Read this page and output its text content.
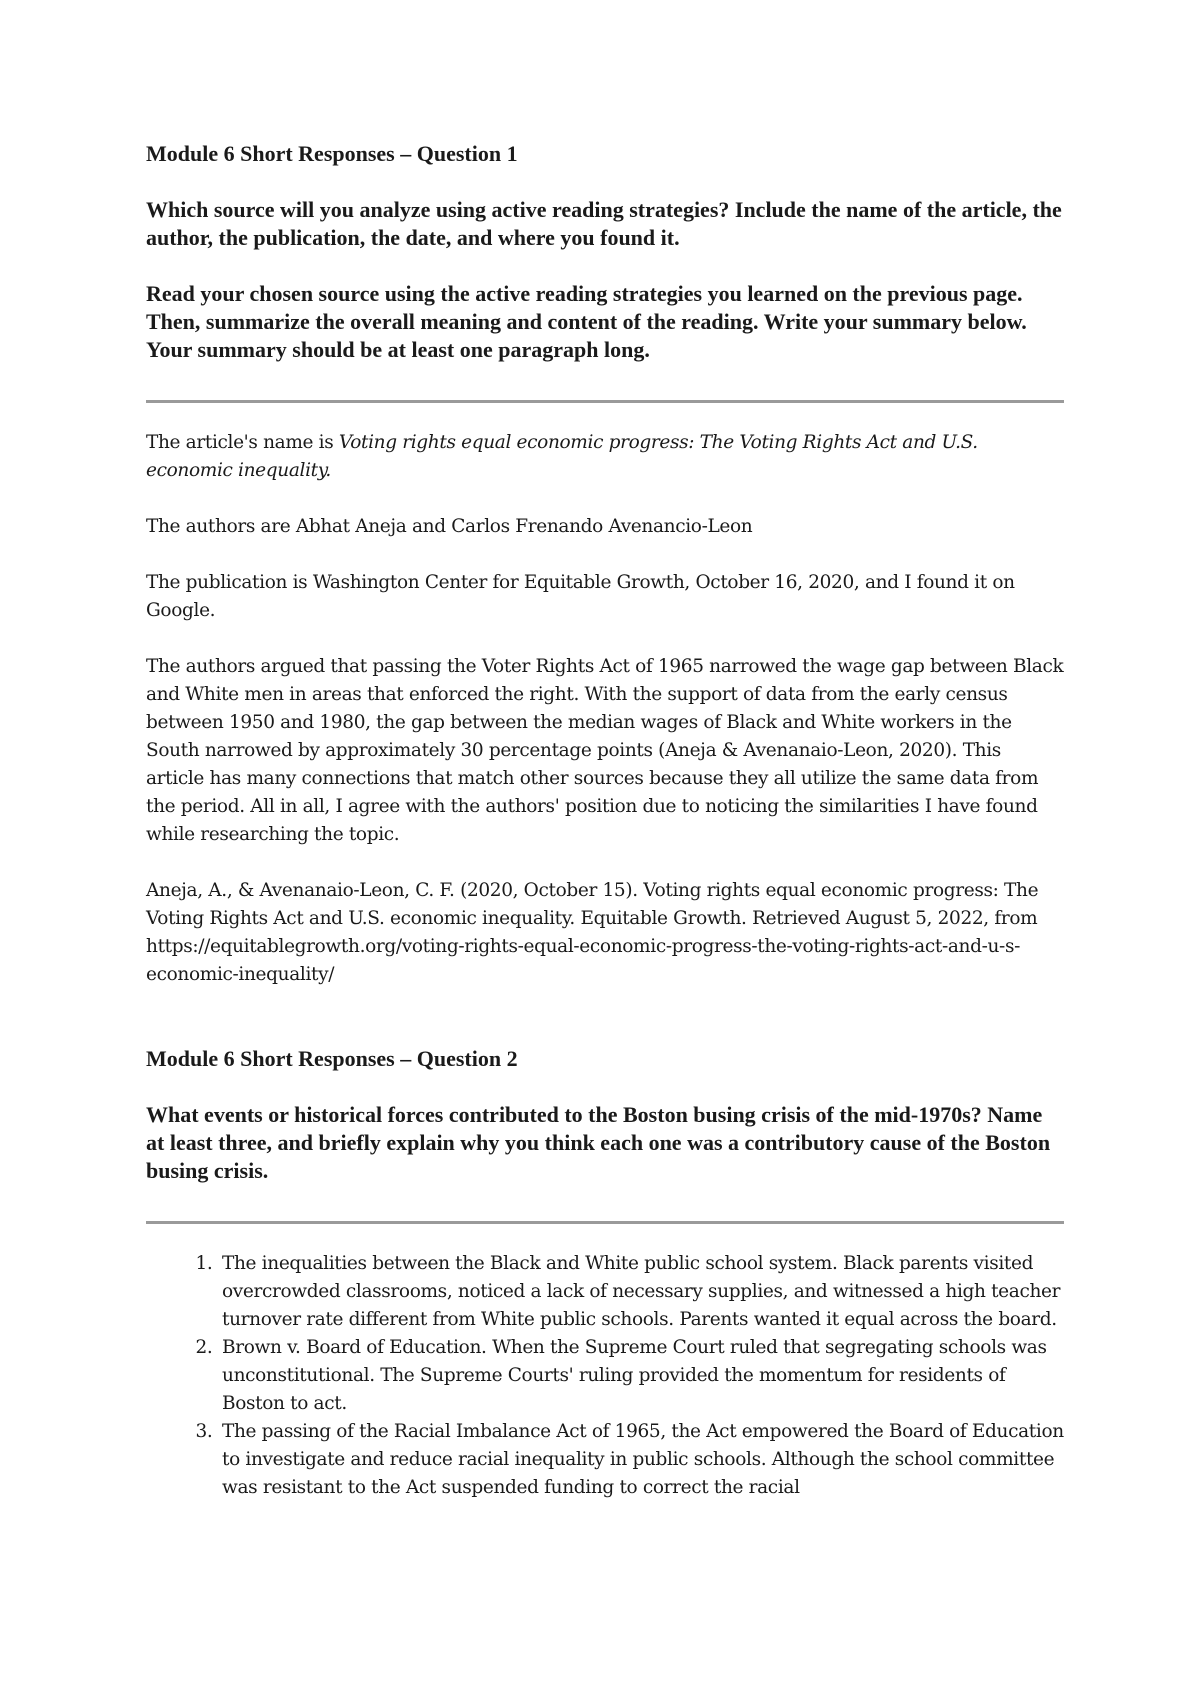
Module 6 Short Responses – Question 1

Which source will you analyze using active reading strategies? Include the name of the article, the author, the publication, the date, and where you found it.

Read your chosen source using the active reading strategies you learned on the previous page. Then, summarize the overall meaning and content of the reading. Write your summary below. Your summary should be at least one paragraph long.

The article's name is Voting rights equal economic progress: The Voting Rights Act and U.S. economic inequality.

The authors are Abhat Aneja and Carlos Frenando Avenancio-Leon

The publication is Washington Center for Equitable Growth, October 16, 2020, and I found it on Google.

The authors argued that passing the Voter Rights Act of 1965 narrowed the wage gap between Black and White men in areas that enforced the right. With the support of data from the early census between 1950 and 1980, the gap between the median wages of Black and White workers in the South narrowed by approximately 30 percentage points (Aneja & Avenanaio-Leon, 2020). This article has many connections that match other sources because they all utilize the same data from the period. All in all, I agree with the authors' position due to noticing the similarities I have found while researching the topic.

Aneja, A., & Avenanaio-Leon, C. F. (2020, October 15). Voting rights equal economic progress: The Voting Rights Act and U.S. economic inequality. Equitable Growth. Retrieved August 5, 2022, from https://equitablegrowth.org/voting-rights-equal-economic-progress-the-voting-rights-act-and-u-s-economic-inequality/

Module 6 Short Responses – Question 2

What events or historical forces contributed to the Boston busing crisis of the mid-1970s? Name at least three, and briefly explain why you think each one was a contributory cause of the Boston busing crisis.

1. The inequalities between the Black and White public school system. Black parents visited overcrowded classrooms, noticed a lack of necessary supplies, and witnessed a high teacher turnover rate different from White public schools. Parents wanted it equal across the board.
2. Brown v. Board of Education. When the Supreme Court ruled that segregating schools was unconstitutional. The Supreme Courts' ruling provided the momentum for residents of Boston to act.
3. The passing of the Racial Imbalance Act of 1965, the Act empowered the Board of Education to investigate and reduce racial inequality in public schools. Although the school committee was resistant to the Act suspended funding to correct the racial
